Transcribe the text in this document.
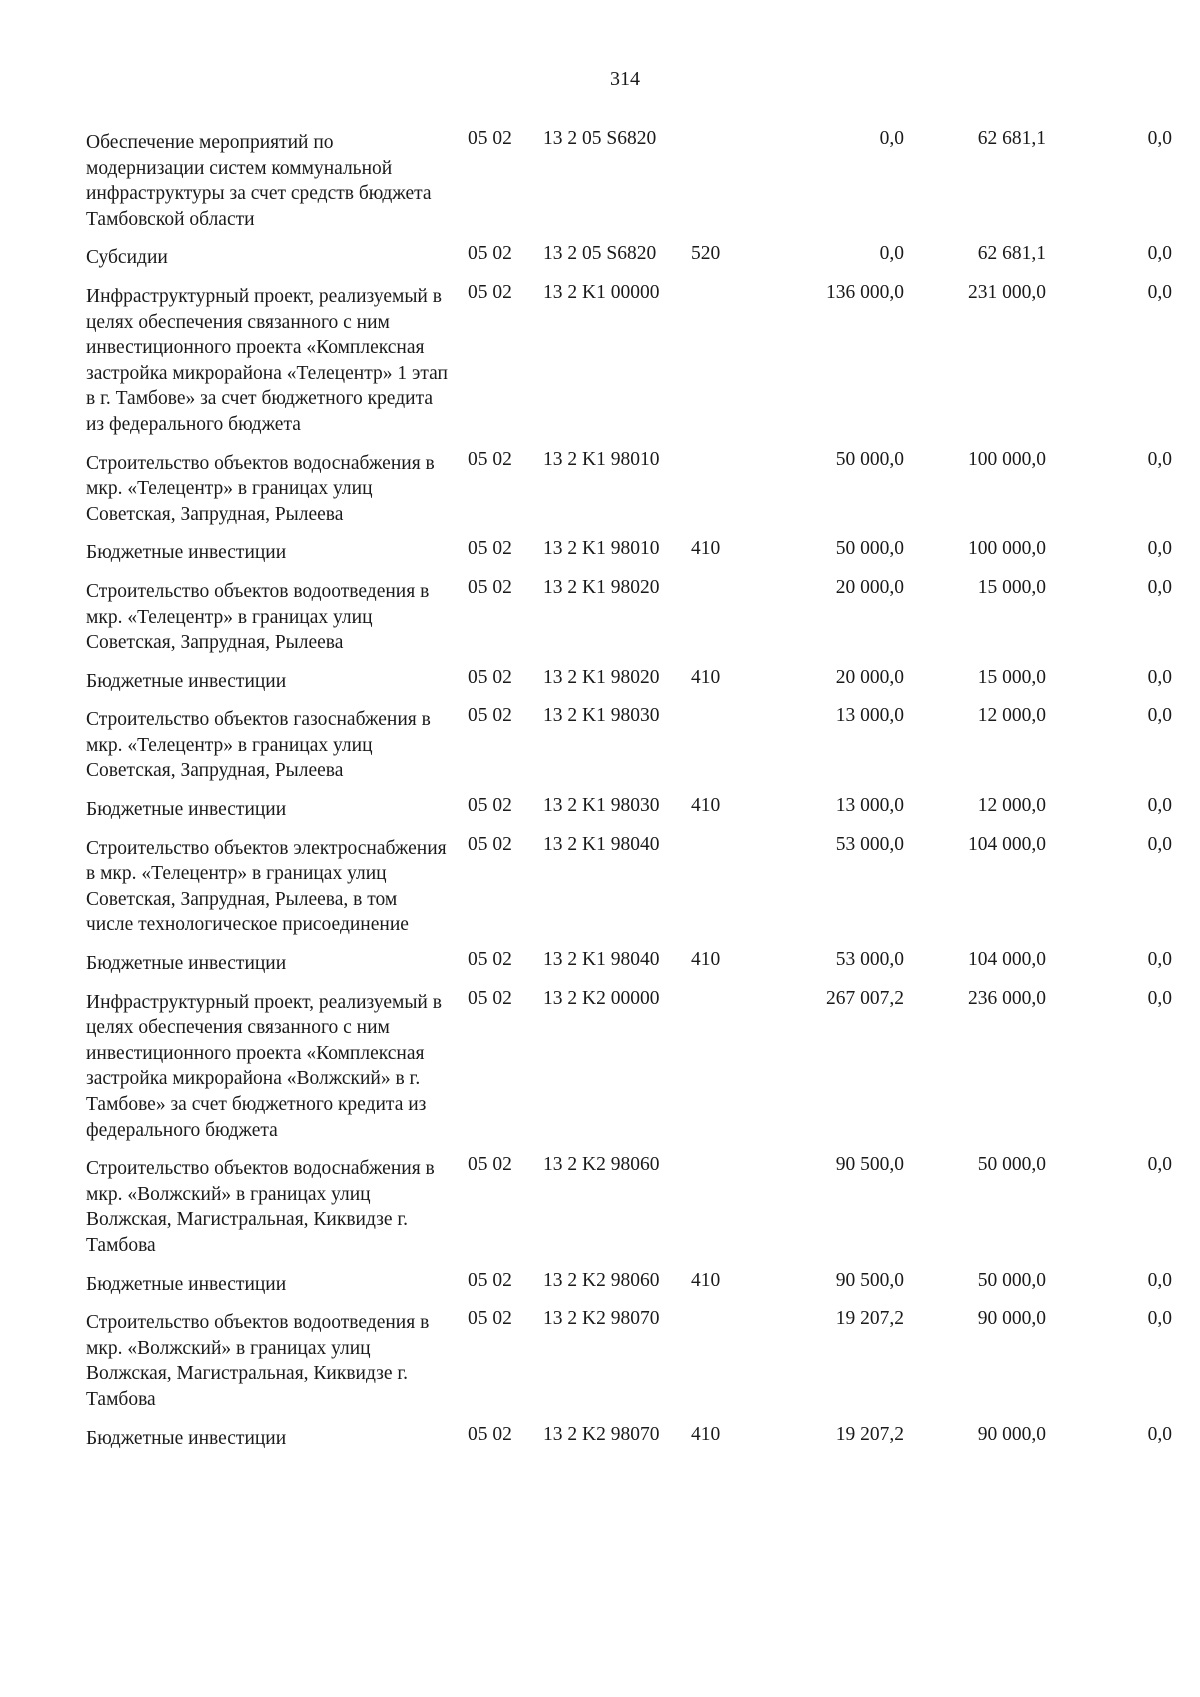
314
Обеспечение мероприятий по модернизации систем коммунальной инфраструктуры за счет средств бюджета Тамбовской области	05 02	13 2 05 S6820		0,0	62 681,1	0,0
Субсидии	05 02	13 2 05 S6820	520	0,0	62 681,1	0,0
Инфраструктурный проект, реализуемый в целях обеспечения связанного с ним инвестиционного проекта «Комплексная застройка микрорайона «Телецентр» 1 этап в г. Тамбове» за счет бюджетного кредита из федерального бюджета	05 02	13 2 K1 00000		136 000,0	231 000,0	0,0
Строительство объектов водоснабжения в мкр. «Телецентр» в границах улиц Советская, Запрудная, Рылеева	05 02	13 2 K1 98010		50 000,0	100 000,0	0,0
Бюджетные инвестиции	05 02	13 2 K1 98010	410	50 000,0	100 000,0	0,0
Строительство объектов водоотведения в мкр. «Телецентр» в границах улиц Советская, Запрудная, Рылеева	05 02	13 2 K1 98020		20 000,0	15 000,0	0,0
Бюджетные инвестиции	05 02	13 2 K1 98020	410	20 000,0	15 000,0	0,0
Строительство объектов газоснабжения в мкр. «Телецентр» в границах улиц Советская, Запрудная, Рылеева	05 02	13 2 K1 98030		13 000,0	12 000,0	0,0
Бюджетные инвестиции	05 02	13 2 K1 98030	410	13 000,0	12 000,0	0,0
Строительство объектов электроснабжения в мкр. «Телецентр» в границах улиц Советская, Запрудная, Рылеева, в том числе технологическое присоединение	05 02	13 2 K1 98040		53 000,0	104 000,0	0,0
Бюджетные инвестиции	05 02	13 2 K1 98040	410	53 000,0	104 000,0	0,0
Инфраструктурный проект, реализуемый в целях обеспечения связанного с ним инвестиционного проекта «Комплексная застройка микрорайона «Волжский» в г. Тамбове» за счет бюджетного кредита из федерального бюджета	05 02	13 2 K2 00000		267 007,2	236 000,0	0,0
Строительство объектов водоснабжения в мкр. «Волжский» в границах улиц Волжская, Магистральная, Киквидзе г. Тамбова	05 02	13 2 K2 98060		90 500,0	50 000,0	0,0
Бюджетные инвестиции	05 02	13 2 K2 98060	410	90 500,0	50 000,0	0,0
Строительство объектов водоотведения в мкр. «Волжский» в границах улиц Волжская, Магистральная, Киквидзе г. Тамбова	05 02	13 2 K2 98070		19 207,2	90 000,0	0,0
Бюджетные инвестиции	05 02	13 2 K2 98070	410	19 207,2	90 000,0	0,0
